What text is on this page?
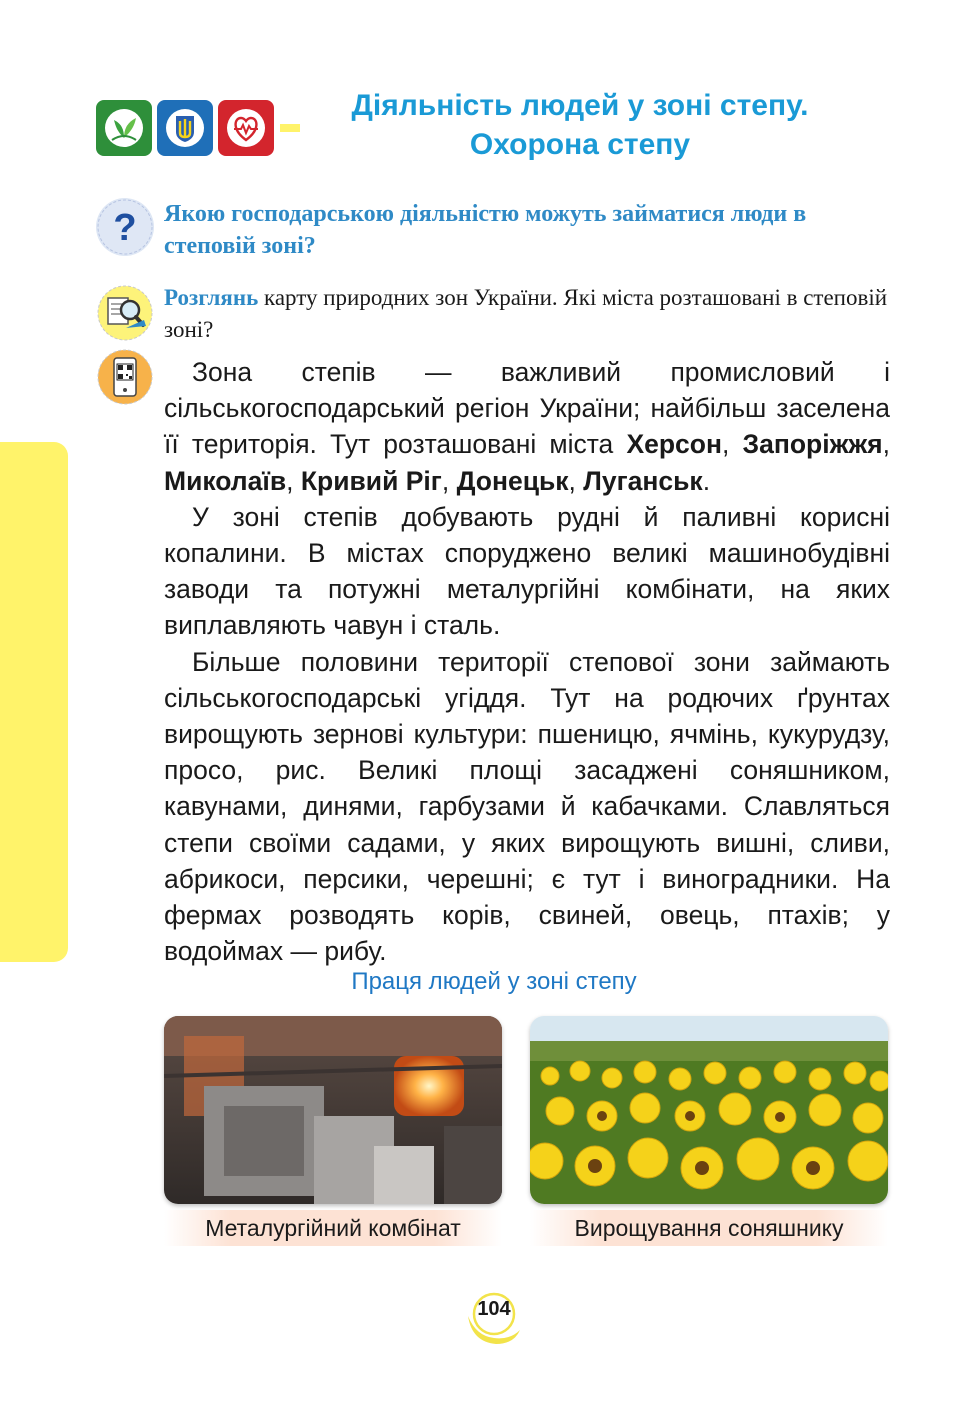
Діяльність людей у зоні степу.
Охорона степу
? Якою господарською діяльністю можуть займатися люди в степовій зоні?
Розглянь карту природних зон України. Які міста розташовані в степовій зоні?

Зона степів — важливий промисловий і сільськогосподарський регіон України; найбільш заселена її територія. Тут розташовані міста Херсон, Запоріжжя, Миколаїв, Кривий Ріг, Донецьк, Луганськ.

У зоні степів добувають рудні й паливні корисні копалини. В містах споруджено великі машинобудівні заводи та потужні металургійні комбінати, на яких виплавляють чавун і сталь.

Більше половини території степової зони займають сільськогосподарські угіддя. Тут на родючих ґрунтах вирощують зернові культури: пшеницю, ячмінь, кукурудзу, просо, рис. Великі площі засаджені соняшником, кавунами, динями, гарбузами й кабачками. Славляться степи своїми садами, у яких вирощують вишні, сливи, абрикоси, персики, черешні; є тут і виноградники. На фермах розводять корів, свиней, овець, птахів; у водоймах — рибу.

Праця людей у зоні степу
Металургійний комбінат	Вирощування соняшнику
104
